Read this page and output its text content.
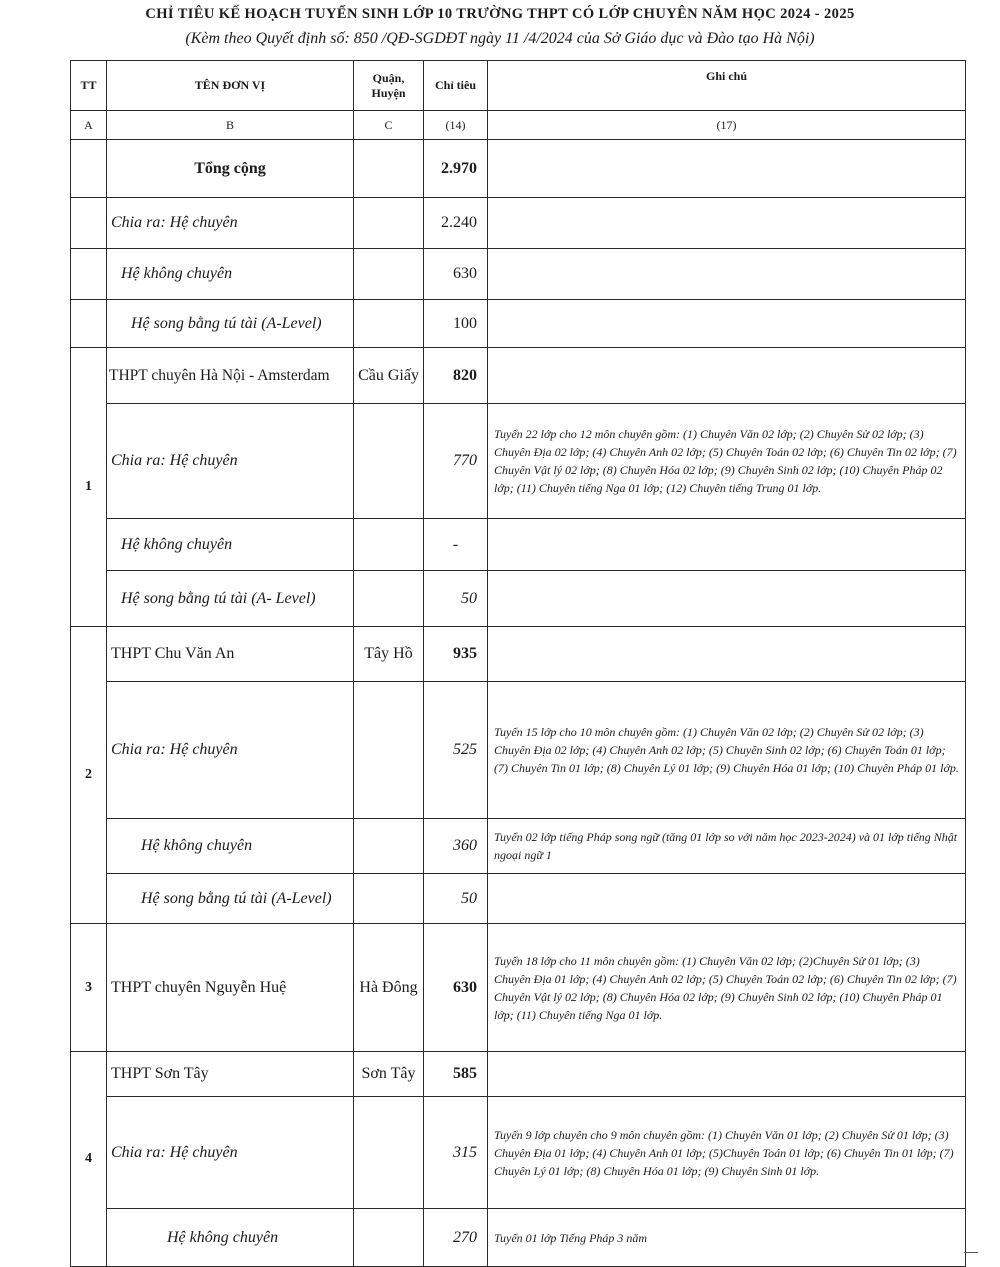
CHỈ TIÊU KẾ HOẠCH TUYỂN SINH LỚP 10 TRƯỜNG THPT CÓ LỚP CHUYÊN NĂM HỌC 2024 - 2025
(Kèm theo Quyết định số: 850 /QĐ-SGDĐT ngày 11 /4/2024 của Sở Giáo dục và Đào tạo Hà Nội)
TT	TÊN ĐƠN VỊ	Quận, Huyện	Chỉ tiêu	Ghi chú
A	B	C	(14)	(17)
	Tổng cộng		2.970	
	Chia ra: Hệ chuyên		2.240	
	Hệ không chuyên		630	
	Hệ song bằng tú tài (A-Level)		100	
1	THPT chuyên Hà Nội - Amsterdam	Cầu Giấy	820	
	Chia ra: Hệ chuyên		770	Tuyển 22 lớp cho 12 môn chuyên gồm: (1) Chuyên Văn 02 lớp; (2) Chuyên Sử 02 lớp; (3) Chuyên Địa 02 lớp; (4) Chuyên Anh 02 lớp; (5) Chuyên Toán 02 lớp; (6) Chuyên Tin 02 lớp; (7) Chuyên Vật lý 02 lớp; (8) Chuyên Hóa 02 lớp; (9) Chuyên Sinh 02 lớp; (10) Chuyên Pháp 02 lớp; (11) Chuyên tiếng Nga 01 lớp; (12) Chuyên tiếng Trung 01 lớp.
	Hệ không chuyên		-	
	Hệ song bằng tú tài (A- Level)		50	
2	THPT Chu Văn An	Tây Hồ	935	
	Chia ra: Hệ chuyên		525	Tuyển 15 lớp cho 10 môn chuyên gồm: (1) Chuyên Văn 02 lớp; (2) Chuyên Sử 02 lớp; (3) Chuyên Địa 02 lớp; (4) Chuyên Anh 02 lớp; (5) Chuyên Sinh 02 lớp; (6) Chuyên Toán 01 lớp; (7) Chuyên Tin 01 lớp; (8) Chuyên Lý 01 lớp; (9) Chuyên Hóa 01 lớp; (10) Chuyên Pháp 01 lớp.
	Hệ không chuyên		360	Tuyển 02 lớp tiếng Pháp song ngữ (tăng 01 lớp so với năm học 2023-2024) và 01 lớp tiếng Nhật ngoại ngữ 1
	Hệ song bằng tú tài (A-Level)		50	
3	THPT chuyên Nguyễn Huệ	Hà Đông	630	Tuyển 18 lớp cho 11 môn chuyên gồm: (1) Chuyên Văn 02 lớp; (2)Chuyên Sử 01 lớp; (3) Chuyên Địa 01 lớp; (4) Chuyên Anh 02 lớp; (5) Chuyên Toán 02 lớp; (6) Chuyên Tin 02 lớp; (7) Chuyên Vật lý 02 lớp; (8) Chuyên Hóa 02 lớp; (9) Chuyên Sinh 02 lớp; (10) Chuyên Pháp 01 lớp; (11) Chuyên tiếng Nga 01 lớp.
4	THPT Sơn Tây	Sơn Tây	585	
	Chia ra: Hệ chuyên		315	Tuyển 9 lớp chuyên cho 9 môn chuyên gồm: (1) Chuyên Văn 01 lớp; (2) Chuyên Sử 01 lớp; (3) Chuyên Địa 01 lớp; (4) Chuyên Anh 01 lớp; (5)Chuyên Toán 01 lớp; (6) Chuyên Tin 01 lớp; (7) Chuyên Lý 01 lớp; (8) Chuyên Hóa 01 lớp; (9) Chuyên Sinh 01 lớp.
	Hệ không chuyên		270	Tuyển 01 lớp Tiếng Pháp 3 năm
